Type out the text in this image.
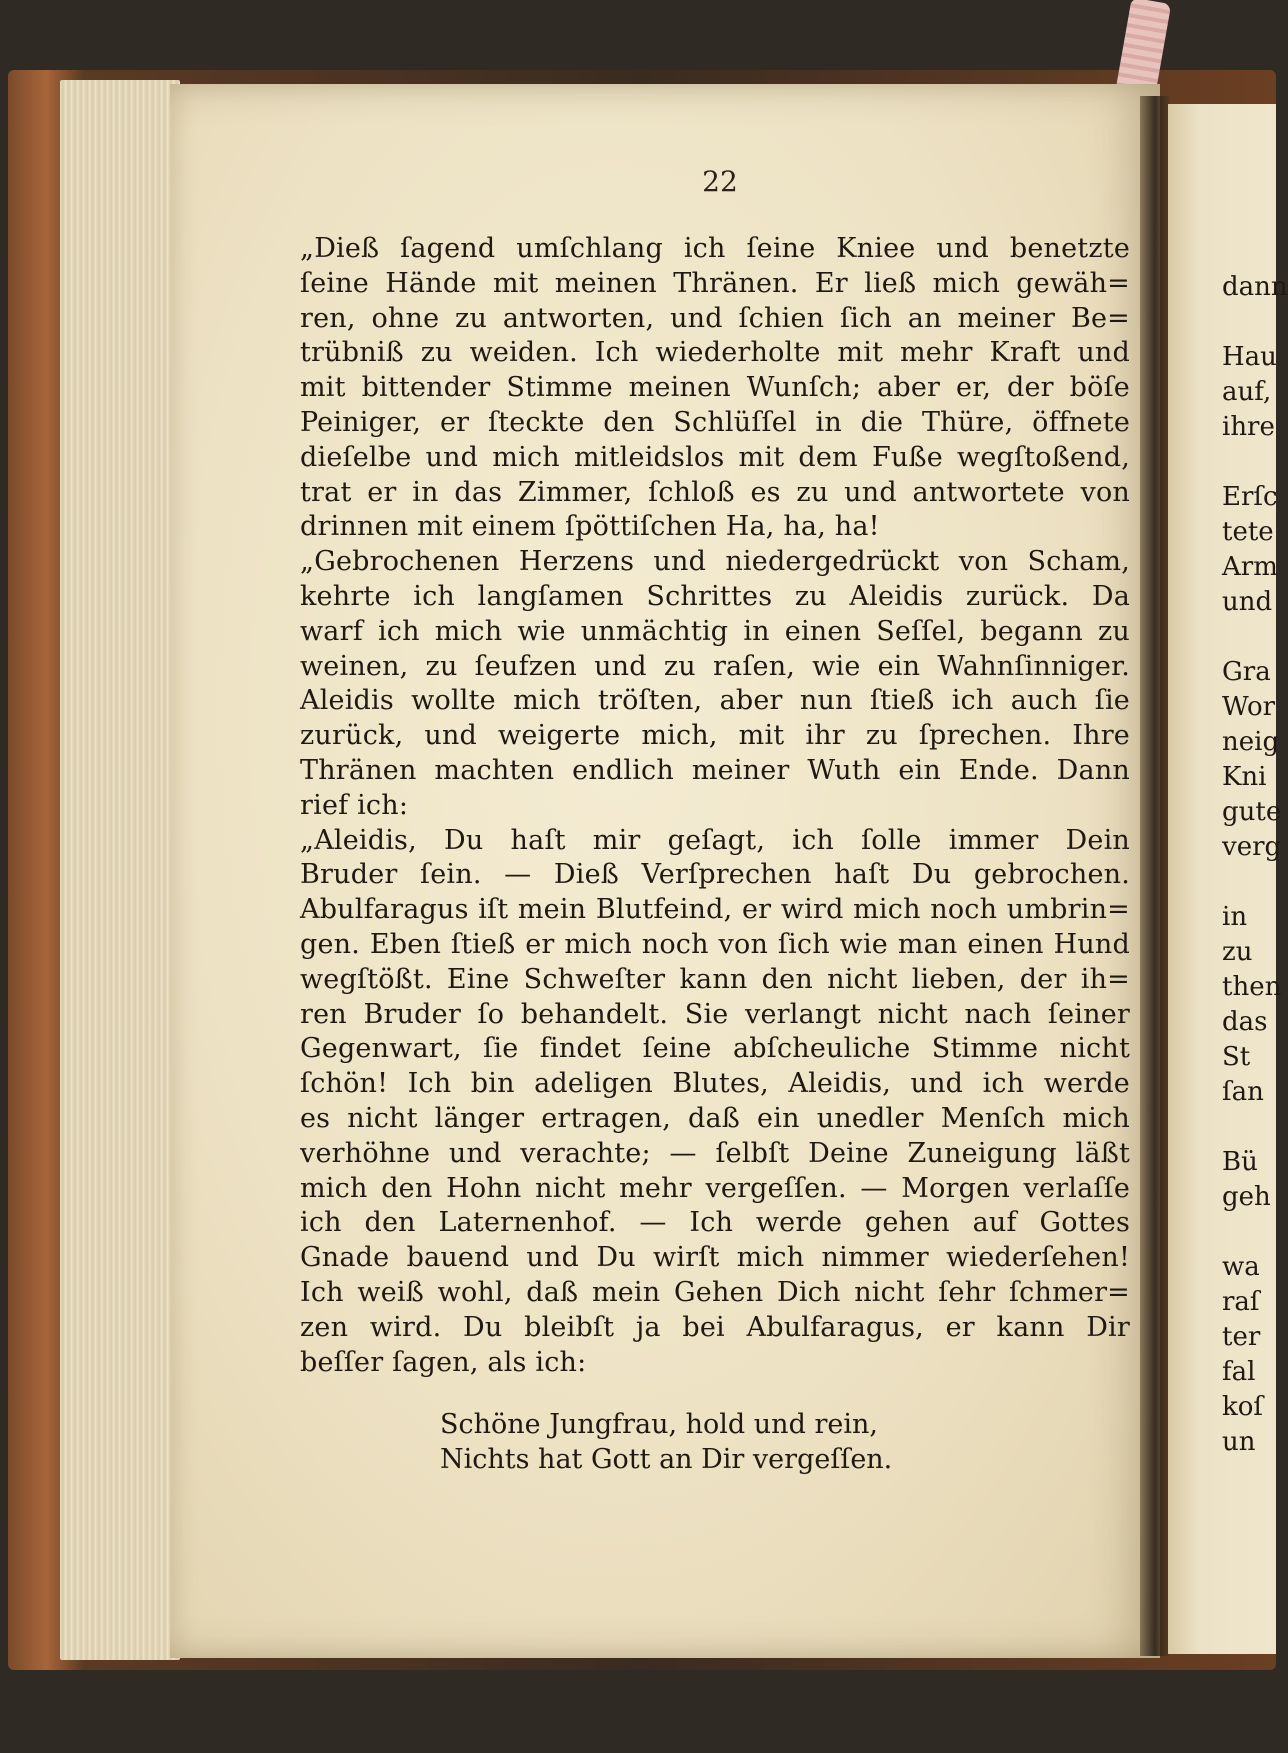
22
„Dieß ſagend umſchlang ich ſeine Kniee und benetzte
ſeine Hände mit meinen Thränen. Er ließ mich gewäh=
ren, ohne zu antworten, und ſchien ſich an meiner Be=
trübniß zu weiden. Ich wiederholte mit mehr Kraft und
mit bittender Stimme meinen Wunſch; aber er, der böſe
Peiniger, er ſteckte den Schlüſſel in die Thüre, öffnete
dieſelbe und mich mitleidslos mit dem Fuße wegſtoßend,
trat er in das Zimmer, ſchloß es zu und antwortete von
drinnen mit einem ſpöttiſchen Ha, ha, ha!
„Gebrochenen Herzens und niedergedrückt von Scham,
kehrte ich langſamen Schrittes zu Aleidis zurück. Da
warf ich mich wie unmächtig in einen Seſſel, begann zu
weinen, zu ſeufzen und zu raſen, wie ein Wahnſinniger.
Aleidis wollte mich tröſten, aber nun ſtieß ich auch ſie
zurück, und weigerte mich, mit ihr zu ſprechen. Ihre
Thränen machten endlich meiner Wuth ein Ende. Dann
rief ich:
„Aleidis, Du haſt mir geſagt, ich ſolle immer Dein
Bruder ſein. — Dieß Verſprechen haſt Du gebrochen.
Abulfaragus iſt mein Blutfeind, er wird mich noch umbrin=
gen. Eben ſtieß er mich noch von ſich wie man einen Hund
wegſtößt. Eine Schweſter kann den nicht lieben, der ih=
ren Bruder ſo behandelt. Sie verlangt nicht nach ſeiner
Gegenwart, ſie findet ſeine abſcheuliche Stimme nicht
ſchön! Ich bin adeligen Blutes, Aleidis, und ich werde
es nicht länger ertragen, daß ein unedler Menſch mich
verhöhne und verachte; — ſelbſt Deine Zuneigung läßt
mich den Hohn nicht mehr vergeſſen. — Morgen verlaſſe
ich den Laternenhof. — Ich werde gehen auf Gottes
Gnade bauend und Du wirſt mich nimmer wiederſehen!
Ich weiß wohl, daß mein Gehen Dich nicht ſehr ſchmer=
zen wird. Du bleibſt ja bei Abulfaragus, er kann Dir
beſſer ſagen, als ich:
Schöne Jungfrau, hold und rein,
Nichts hat Gott an Dir vergeſſen.
dann
Hau
auf,
ihre
Erſc
tete
Arm
und
Gra
Wor
neig
Kni
gute
verg
in
zu
then
das
St
ſan
Bü
geh
wa
raſ
ter
fal
koſ
un
